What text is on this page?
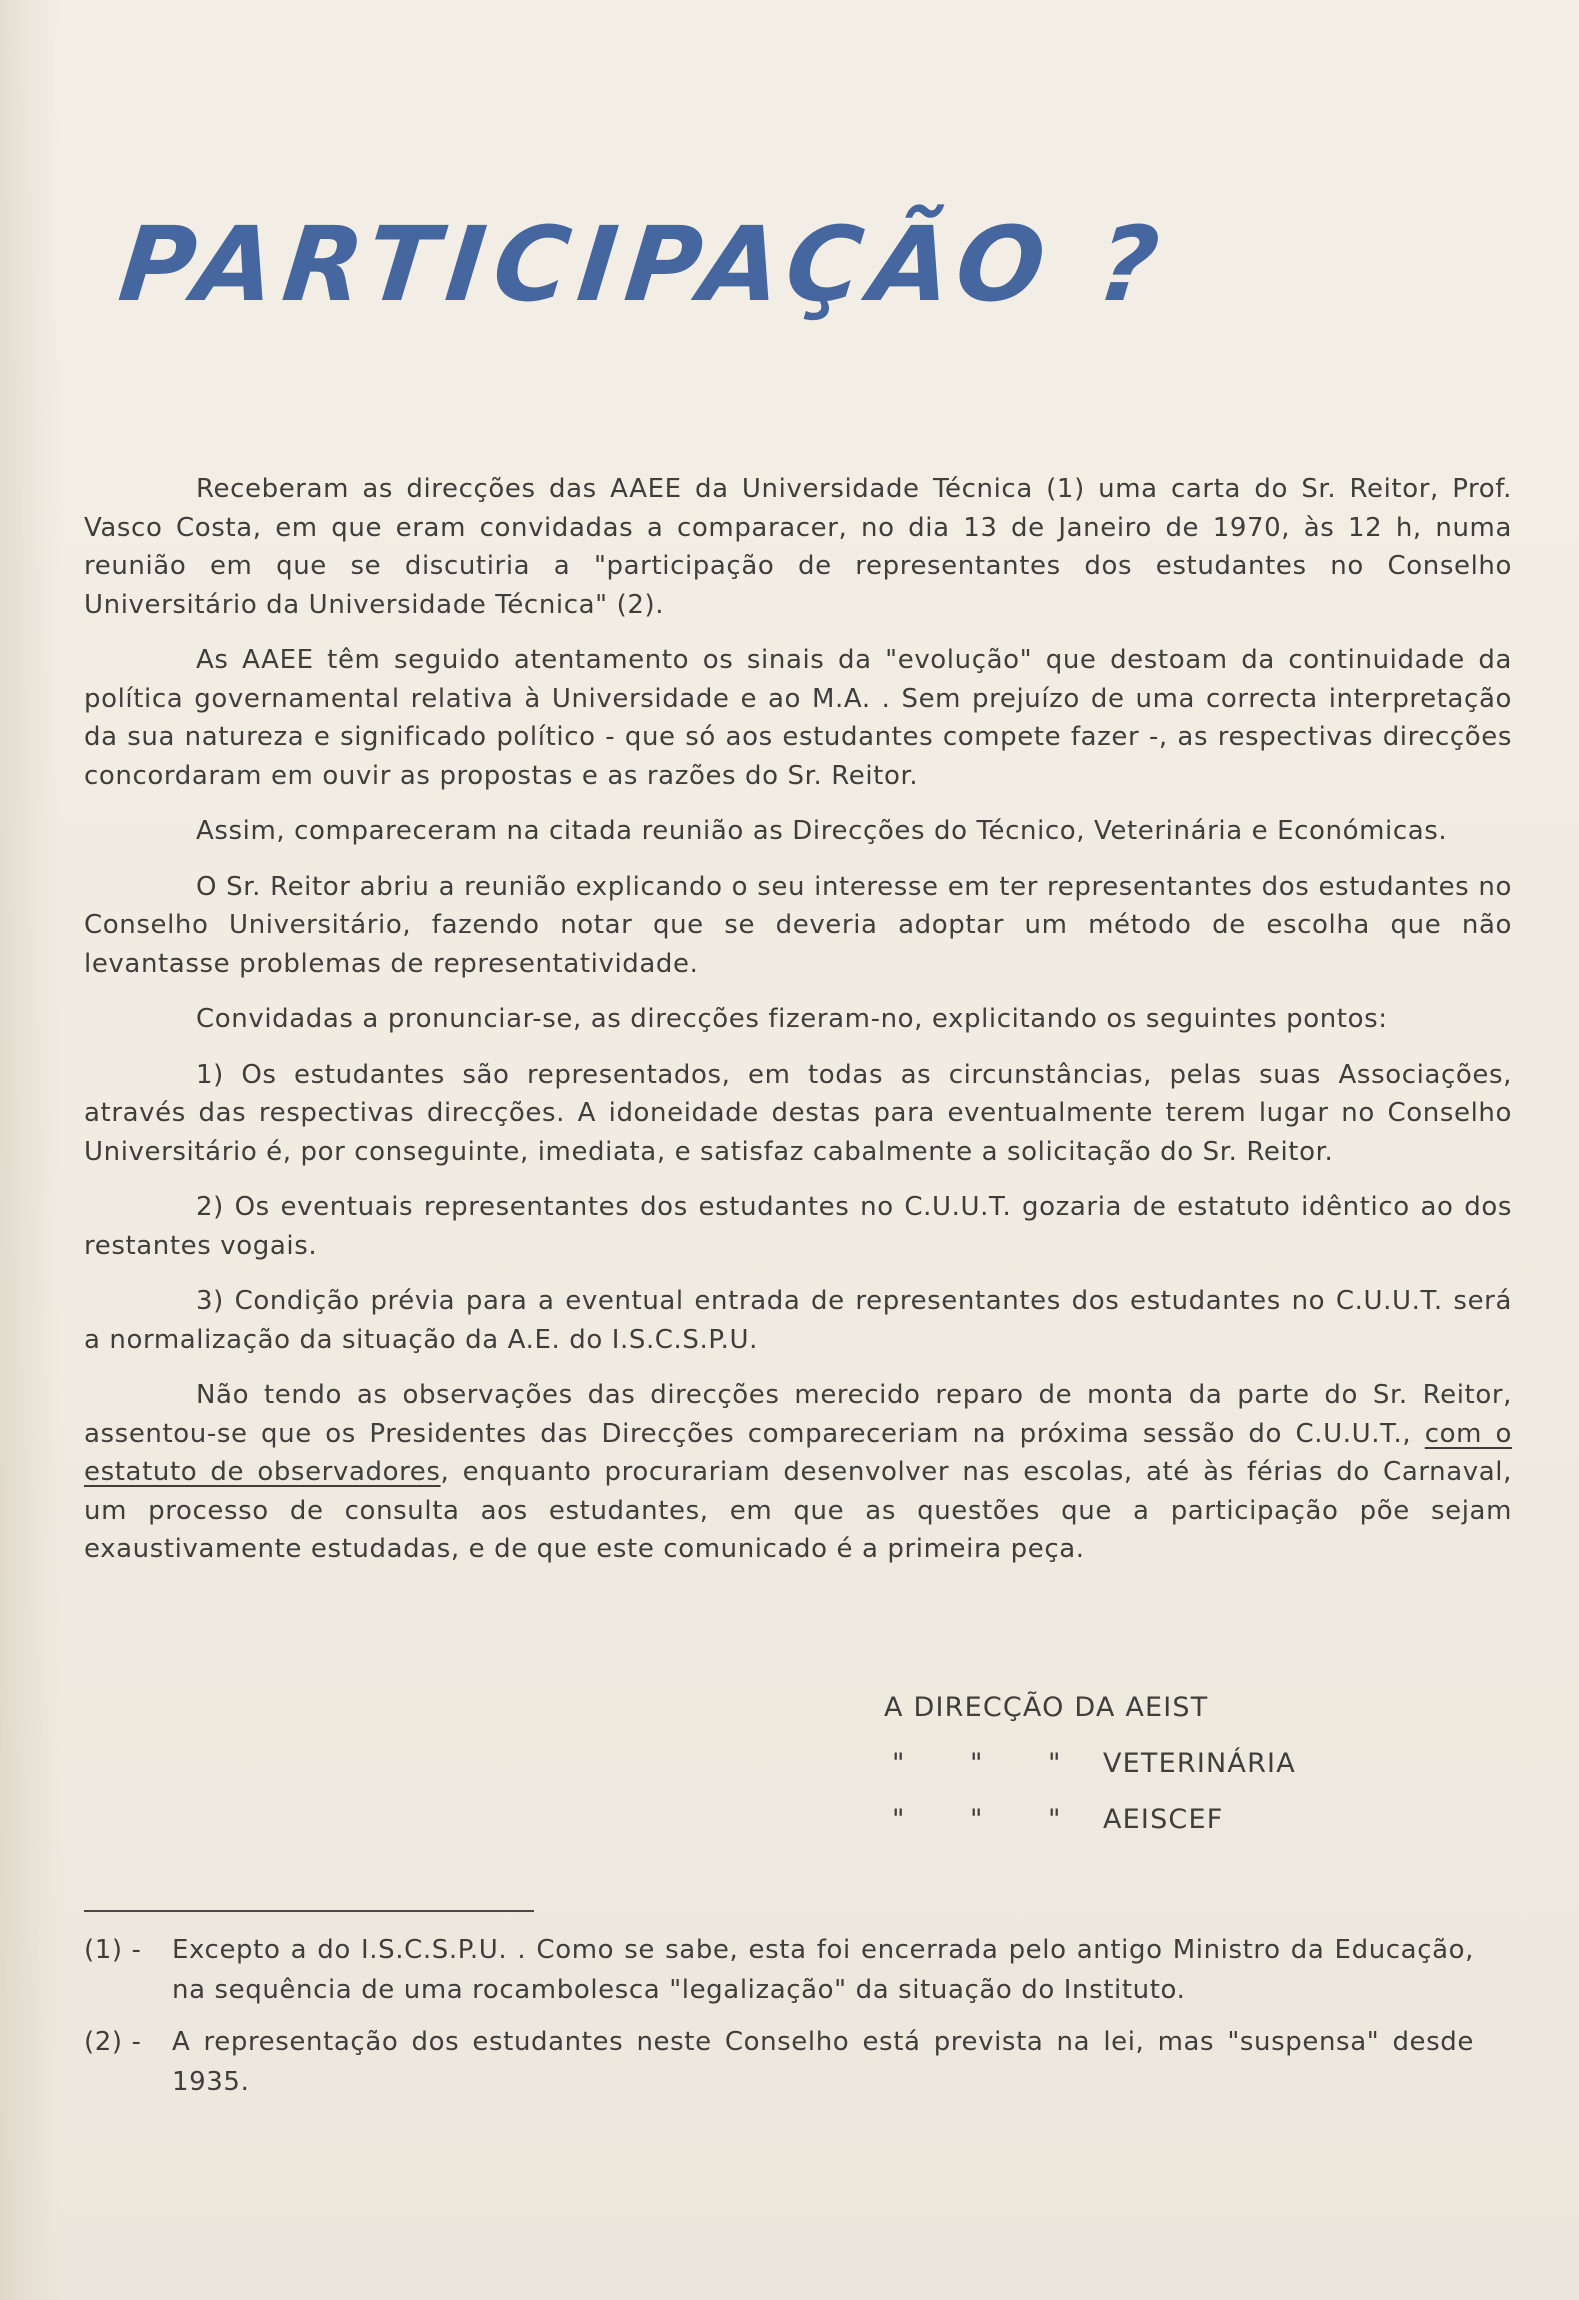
PARTICIPAÇÃO ?

Receberam as direcções das AAEE da Universidade Técnica (1) uma carta do Sr. Reitor, Prof. Vasco Costa, em que eram convidadas a comparacer, no dia 13 de Janeiro de 1970, às 12 h, numa reunião em que se discutiria a "participação de representantes dos estudantes no Conselho Universitário da Universidade Técnica" (2).

As AAEE têm seguido atentamento os sinais da "evolução" que destoam da continuidade da política governamental relativa à Universidade e ao M.A. . Sem prejuízo de uma correcta interpretação da sua natureza e significado político - que só aos estudantes compete fazer -, as respectivas direcções concordaram em ouvir as propostas e as razões do Sr. Reitor.

Assim, compareceram na citada reunião as Direcções do Técnico, Veterinária e Económicas.

O Sr. Reitor abriu a reunião explicando o seu interesse em ter representantes dos estudantes no Conselho Universitário, fazendo notar que se deveria adoptar um método de escolha que não levantasse problemas de representatividade.

Convidadas a pronunciar-se, as direcções fizeram-no, explicitando os seguintes pontos:

1) Os estudantes são representados, em todas as circunstâncias, pelas suas Associações, através das respectivas direcções. A idoneidade destas para eventualmente terem lugar no Conselho Universitário é, por conseguinte, imediata, e satisfaz cabalmente a solicitação do Sr. Reitor.

2) Os eventuais representantes dos estudantes no C.U.U.T. gozaria de estatuto idêntico ao dos restantes vogais.

3) Condição prévia para a eventual entrada de representantes dos estudantes no C.U.U.T. será a normalização da situação da A.E. do I.S.C.S.P.U.

Não tendo as observações das direcções merecido reparo de monta da parte do Sr. Reitor, assentou-se que os Presidentes das Direcções compareceriam na próxima sessão do C.U.U.T., com o estatuto de observadores, enquanto procurariam desenvolver nas escolas, até às férias do Carnaval, um processo de consulta aos estudantes, em que as questões que a participação põe sejam exaustivamente estudadas, e de que este comunicado é a primeira peça.

A DIRECÇÃO DA AEIST
"	"	"	VETERINÁRIA
"	"	"	AEISCEF
(1) -	Excepto a do I.S.C.S.P.U. . Como se sabe, esta foi encerrada pelo antigo Ministro da Educação, na sequência de uma rocambolesca "legalização" da situação do Instituto.
(2) -	A representação dos estudantes neste Conselho está prevista na lei, mas "suspensa" desde 1935.
